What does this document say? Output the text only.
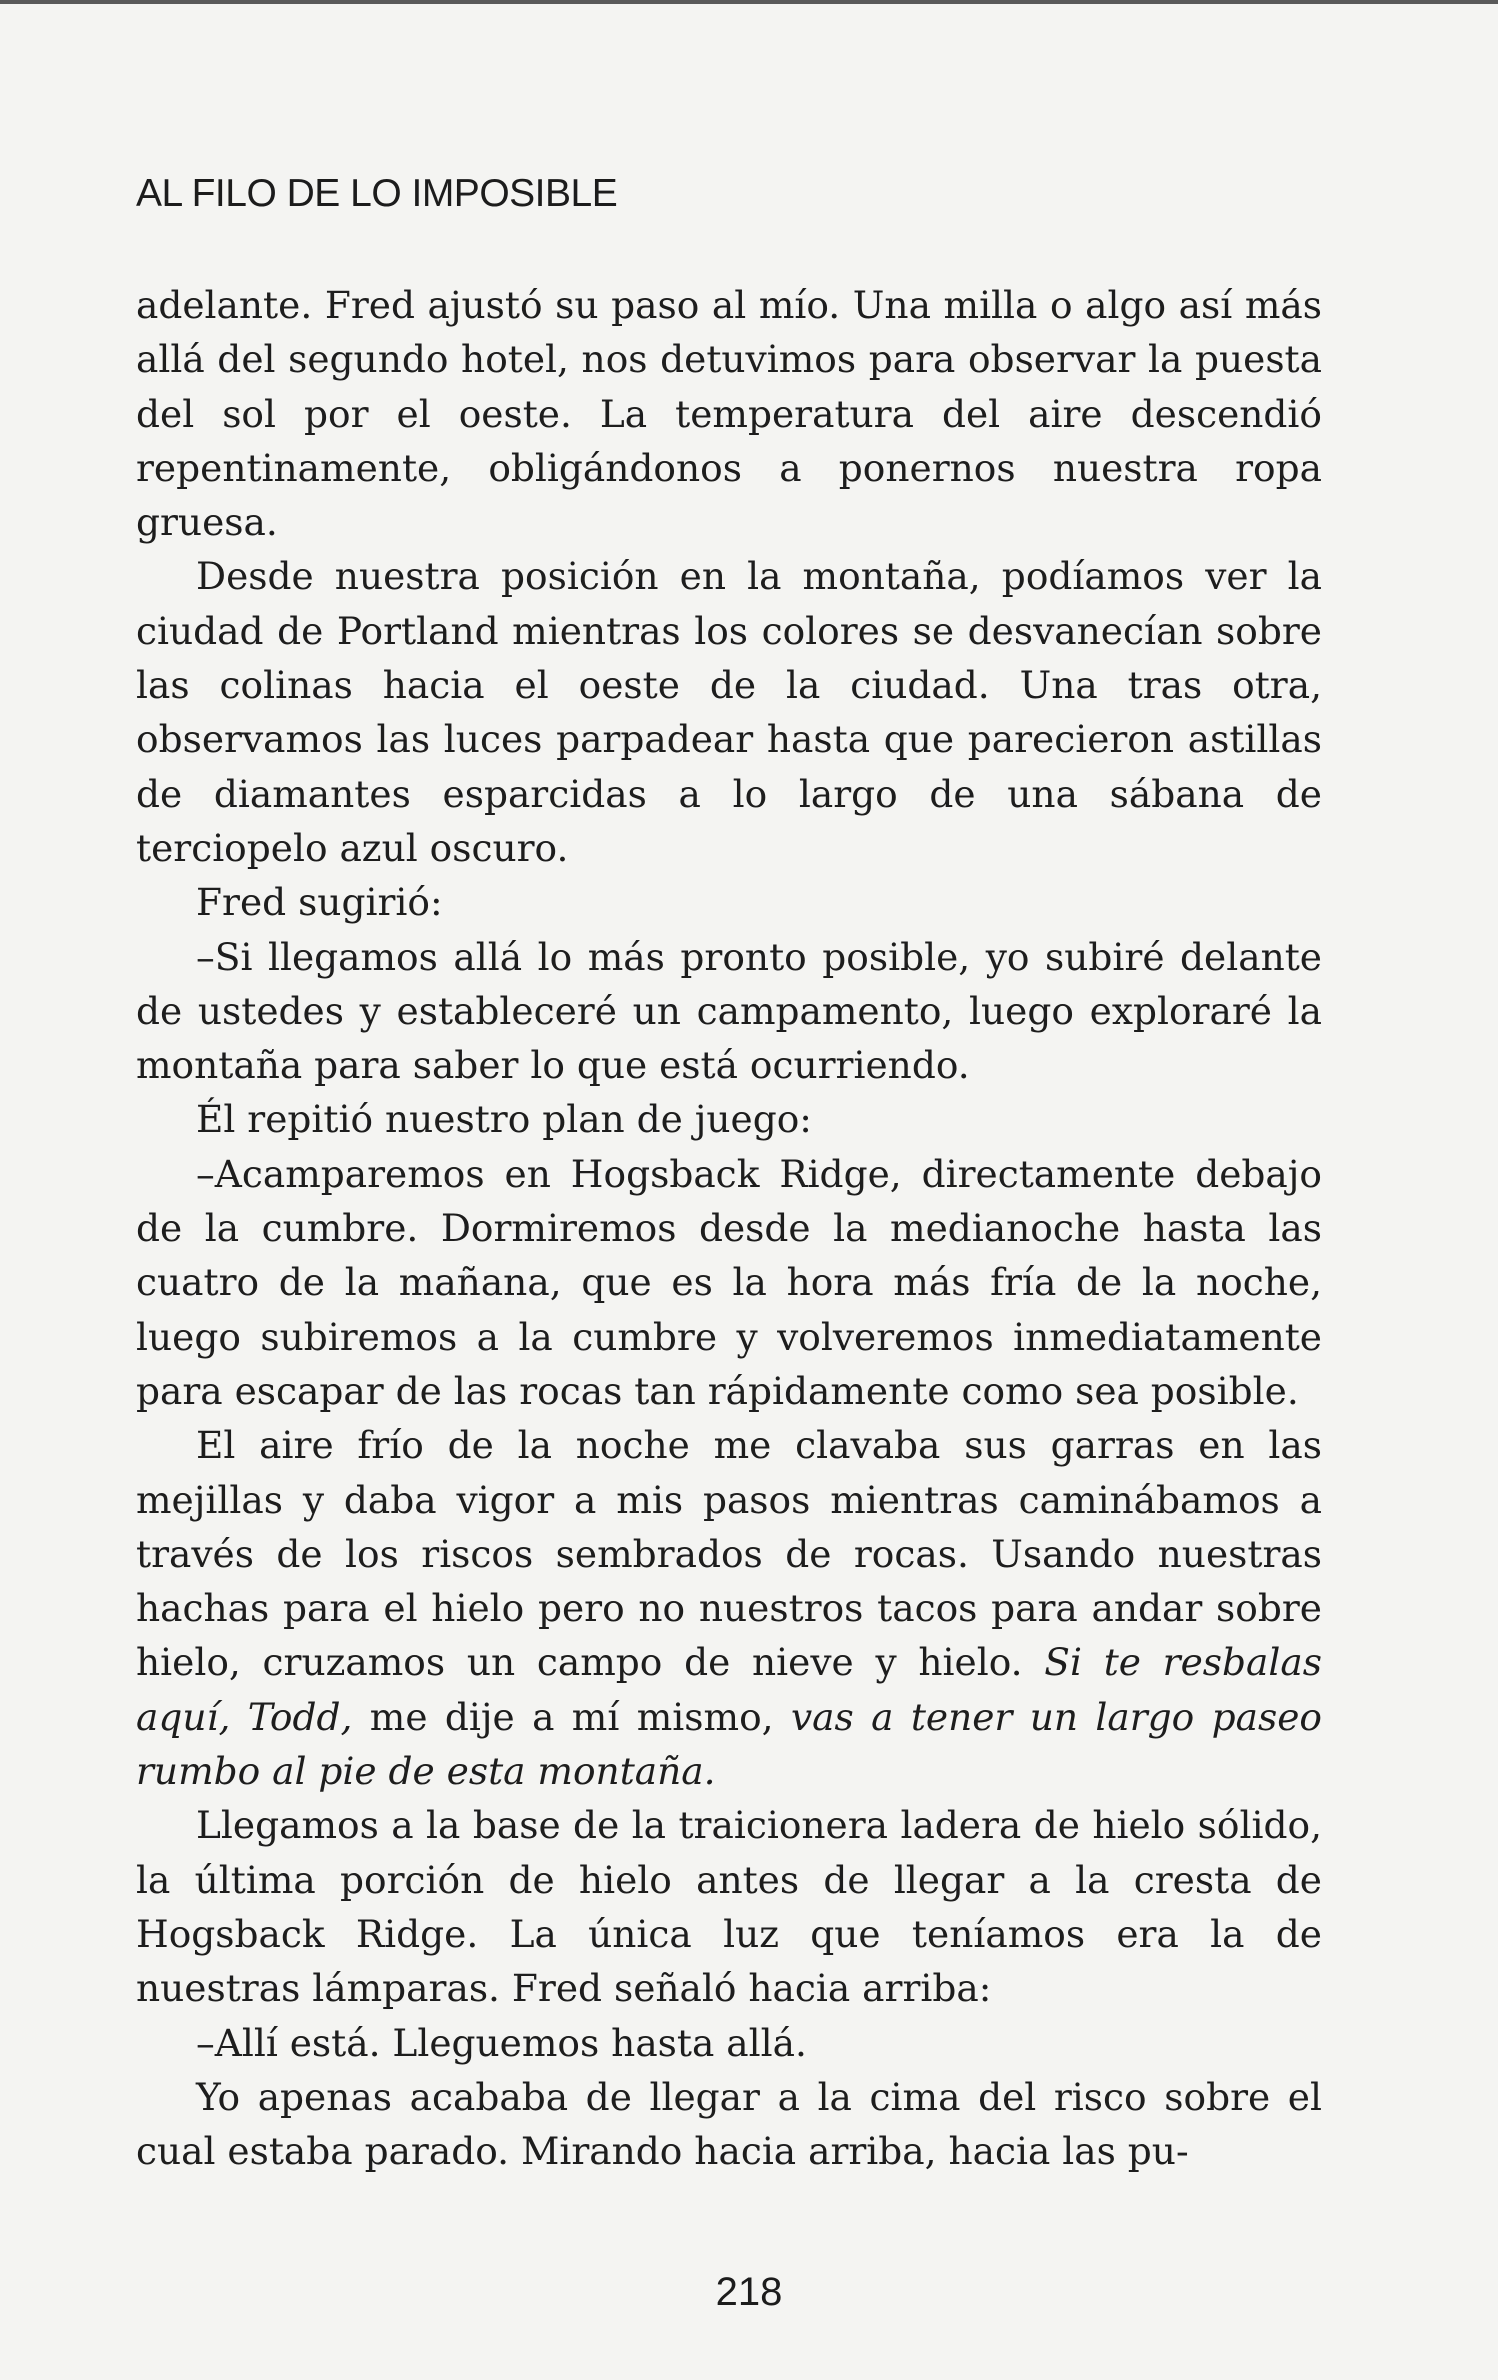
AL FILO DE LO IMPOSIBLE

adelante. Fred ajustó su paso al mío. Una milla o algo así más allá del segundo hotel, nos detuvimos para observar la puesta del sol por el oeste. La temperatura del aire descendió repentinamente, obligándonos a ponernos nuestra ropa gruesa.

Desde nuestra posición en la montaña, podíamos ver la ciudad de Portland mientras los colores se desvanecían sobre las colinas hacia el oeste de la ciudad. Una tras otra, observamos las luces parpadear hasta que parecieron astillas de diamantes esparcidas a lo largo de una sábana de terciopelo azul oscuro.

Fred sugirió:

–Si llegamos allá lo más pronto posible, yo subiré delante de ustedes y estableceré un campamento, luego exploraré la montaña para saber lo que está ocurriendo.

Él repitió nuestro plan de juego:

–Acamparemos en Hogsback Ridge, directamente debajo de la cumbre. Dormiremos desde la medianoche hasta las cuatro de la mañana, que es la hora más fría de la noche, luego subiremos a la cumbre y volveremos inmediatamente para escapar de las rocas tan rápidamente como sea posible.

El aire frío de la noche me clavaba sus garras en las mejillas y daba vigor a mis pasos mientras caminábamos a través de los riscos sembrados de rocas. Usando nuestras hachas para el hielo pero no nuestros tacos para andar sobre hielo, cruzamos un campo de nieve y hielo. Si te resbalas aquí, Todd, me dije a mí mismo, vas a tener un largo paseo rumbo al pie de esta montaña.

Llegamos a la base de la traicionera ladera de hielo sólido, la última porción de hielo antes de llegar a la cresta de Hogsback Ridge. La única luz que teníamos era la de nuestras lámparas. Fred señaló hacia arriba:

–Allí está. Lleguemos hasta allá.

Yo apenas acababa de llegar a la cima del risco sobre el cual estaba parado. Mirando hacia arriba, hacia las pu-

218
